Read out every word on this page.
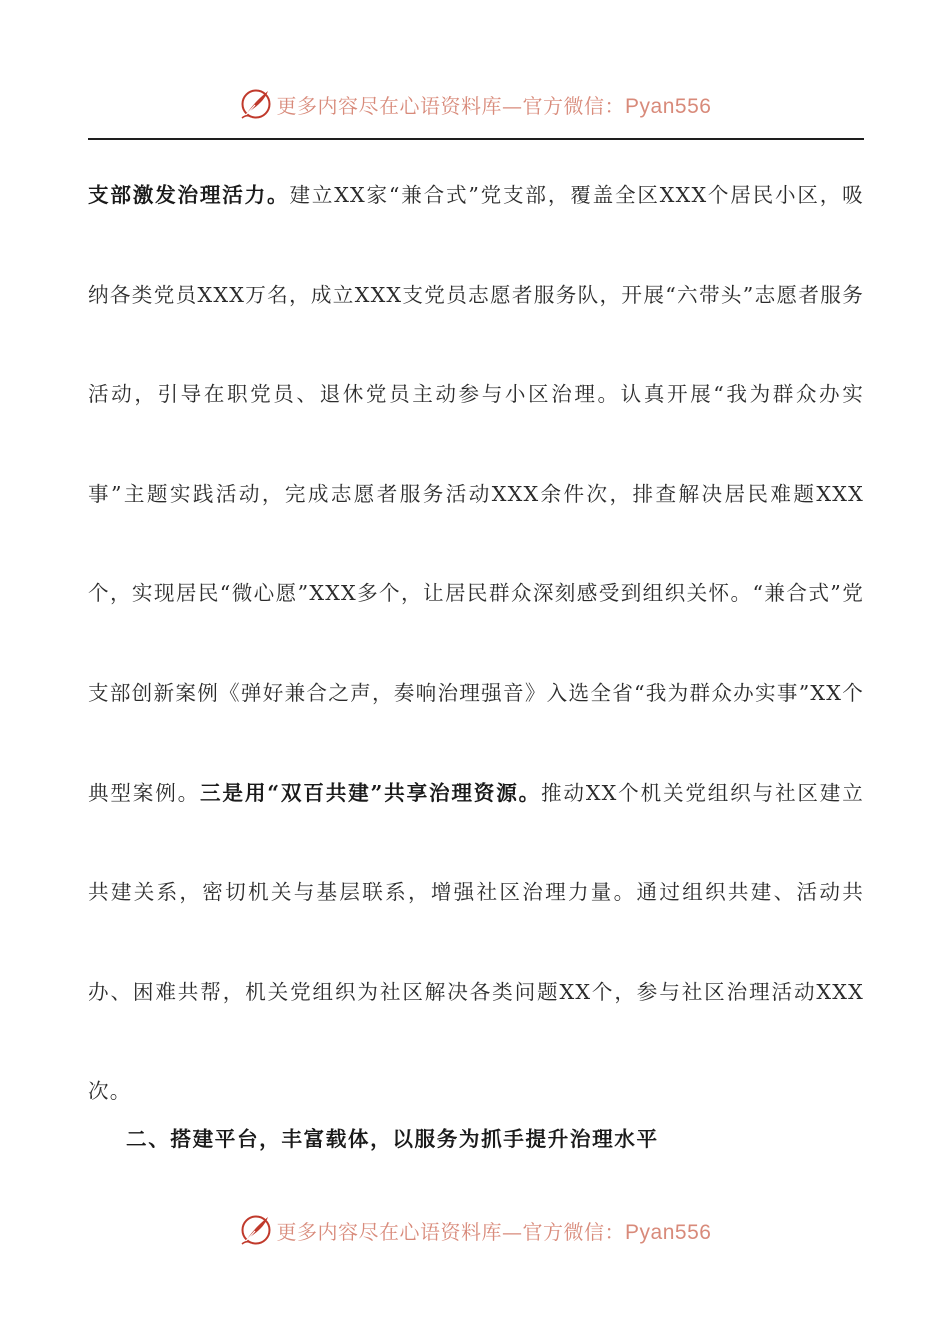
更多内容尽在心语资料库—官方微信：Pyan556

支部激发治理活力。建立XX家“兼合式”党支部，覆盖全区XXX个居民小区，吸纳各类党员XXX万名，成立XXX支党员志愿者服务队，开展“六带头”志愿者服务活动，引导在职党员、退休党员主动参与小区治理。认真开展“我为群众办实事”主题实践活动，完成志愿者服务活动XXX余件次，排查解决居民难题XXX个，实现居民“微心愿”XXX多个，让居民群众深刻感受到组织关怀。“兼合式”党支部创新案例《弹好兼合之声，奏响治理强音》入选全省“我为群众办实事”XX个典型案例。三是用“双百共建”共享治理资源。推动XX个机关党组织与社区建立共建关系，密切机关与基层联系，增强社区治理力量。通过组织共建、活动共办、困难共帮，机关党组织为社区解决各类问题XX个，参与社区治理活动XXX次。

二、搭建平台，丰富载体，以服务为抓手提升治理水平
更多内容尽在心语资料库—官方微信：Pyan556
